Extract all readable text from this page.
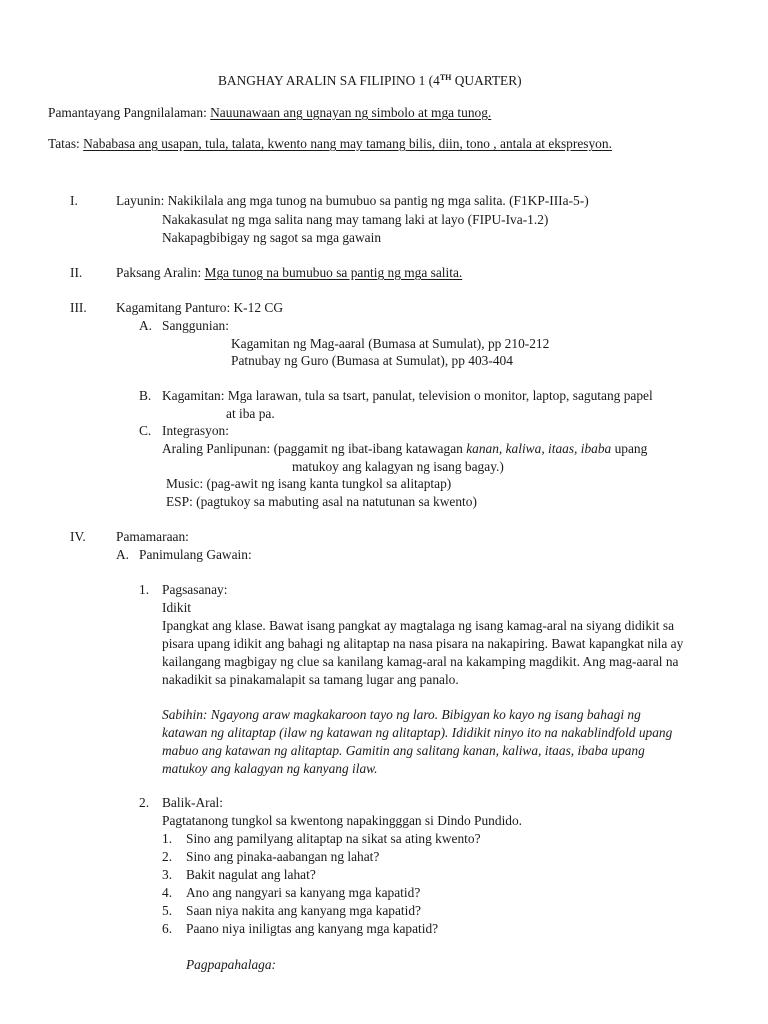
BANGHAY ARALIN SA FILIPINO 1 (4TH QUARTER)
Pamantayang Pangnilalaman: Nauunawaan ang ugnayan ng simbolo at mga tunog.
Tatas: Nababasa ang usapan, tula, talata, kwento nang may tamang bilis, diin, tono , antala at ekspresyon.
I.	Layunin: Nakikilala ang mga tunog na bumubuo sa pantig ng mga salita. (F1KP-IIIa-5-)
Nakakasulat ng mga salita nang may tamang laki at layo (FIPU-Iva-1.2)
Nakapagbibigay ng sagot sa mga gawain
II.	Paksang Aralin: Mga tunog na bumubuo sa pantig ng mga salita.
III. Kagamitang Panturo: K-12 CG
A. Sanggunian:
Kagamitan ng Mag-aaral (Bumasa at Sumulat), pp 210-212
Patnubay ng Guro (Bumasa at Sumulat), pp 403-404
B. Kagamitan: Mga larawan, tula sa tsart, panulat, television o monitor, laptop, sagutang papel
at iba pa.
C. Integrasyon:
Araling Panlipunan: (paggamit ng ibat-ibang katawagan kanan, kaliwa, itaas, ibaba upang
matukoy ang kalagyan ng isang bagay.)
Music: (pag-awit ng isang kanta tungkol sa alitaptap)
ESP: (pagtukoy sa mabuting asal na natutunan sa kwento)
IV. Pamamaraan:
A. Panimulang Gawain:
1. Pagsasanay:
Idikit
Ipangkat ang klase. Bawat isang pangkat ay magtalaga ng isang kamag-aral na siyang didikit sa
pisara upang idikit ang bahagi ng alitaptap na nasa pisara na nakapiring. Bawat kapangkat nila ay
kailangang magbigay ng clue sa kanilang kamag-aral na kakamping magdikit. Ang mag-aaral na
nakadikit sa pinakamalapit sa tamang lugar ang panalo.
Sabihin: Ngayong araw magkakaroon tayo ng laro. Bibigyan ko kayo ng isang bahagi ng
katawan ng alitaptap (ilaw ng katawan ng alitaptap). Ididikit ninyo ito na nakablindfold upang
mabuo ang katawan ng alitaptap. Gamitin ang salitang kanan, kaliwa, itaas, ibaba upang
matukoy ang kalagyan ng kanyang ilaw.
2. Balik-Aral:
Pagtatanong tungkol sa kwentong napakingggan si Dindo Pundido.
1. Sino ang pamilyang alitaptap na sikat sa ating kwento?
2. Sino ang pinaka-aabangan ng lahat?
3. Bakit nagulat ang lahat?
4. Ano ang nangyari sa kanyang mga kapatid?
5. Saan niya nakita ang kanyang mga kapatid?
6. Paano niya iniligtas ang kanyang mga kapatid?
Pagpapahalaga:
